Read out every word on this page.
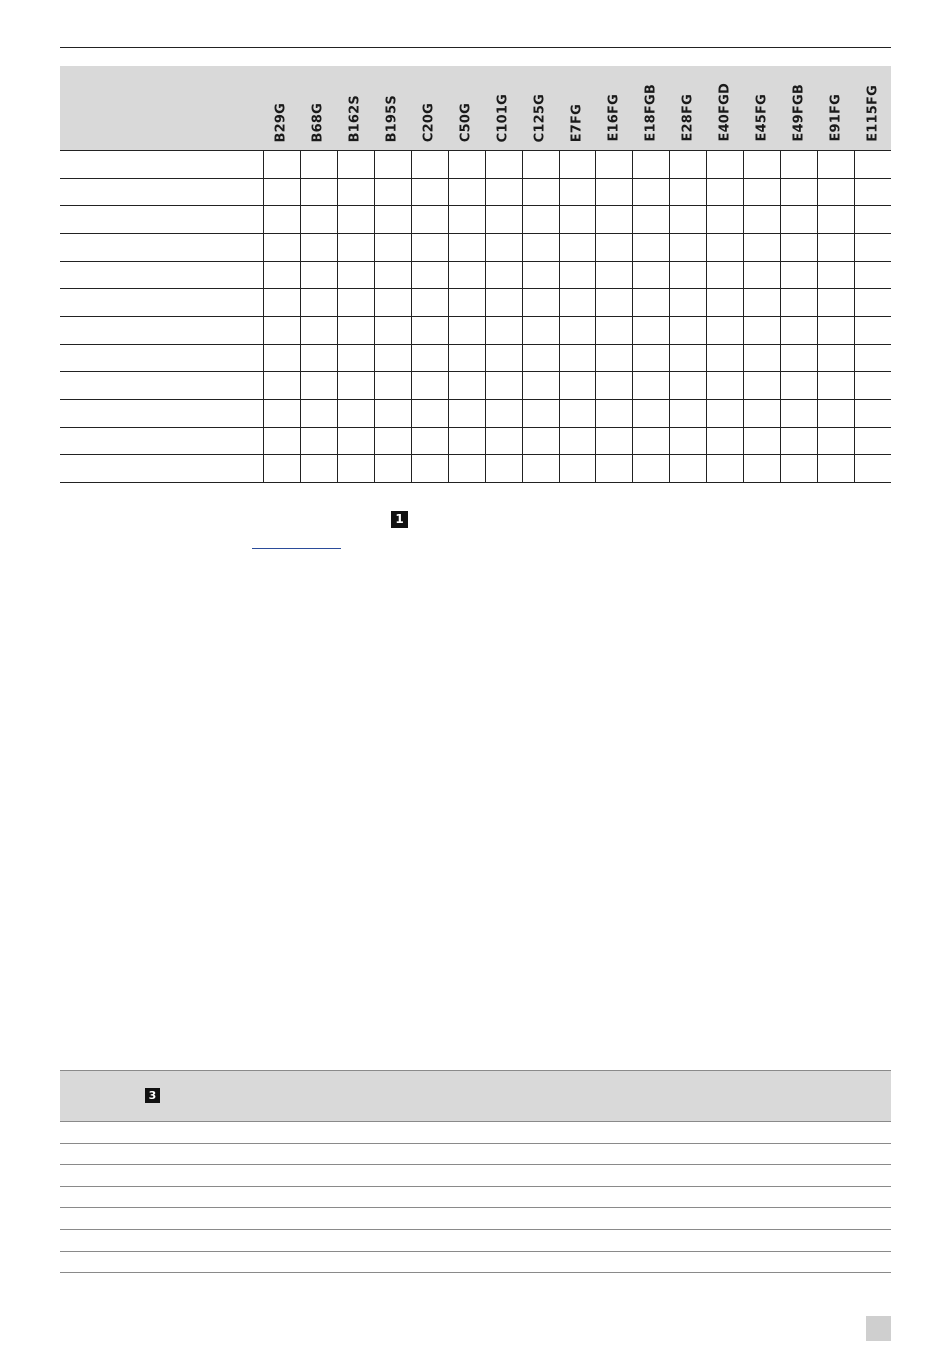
B29G B68G B162S B195S C20G C50G C101G C125G E7FG E16FG E18FGB E28FG E40FGD E45FG E49FGB E91FG E115FG
1
3
